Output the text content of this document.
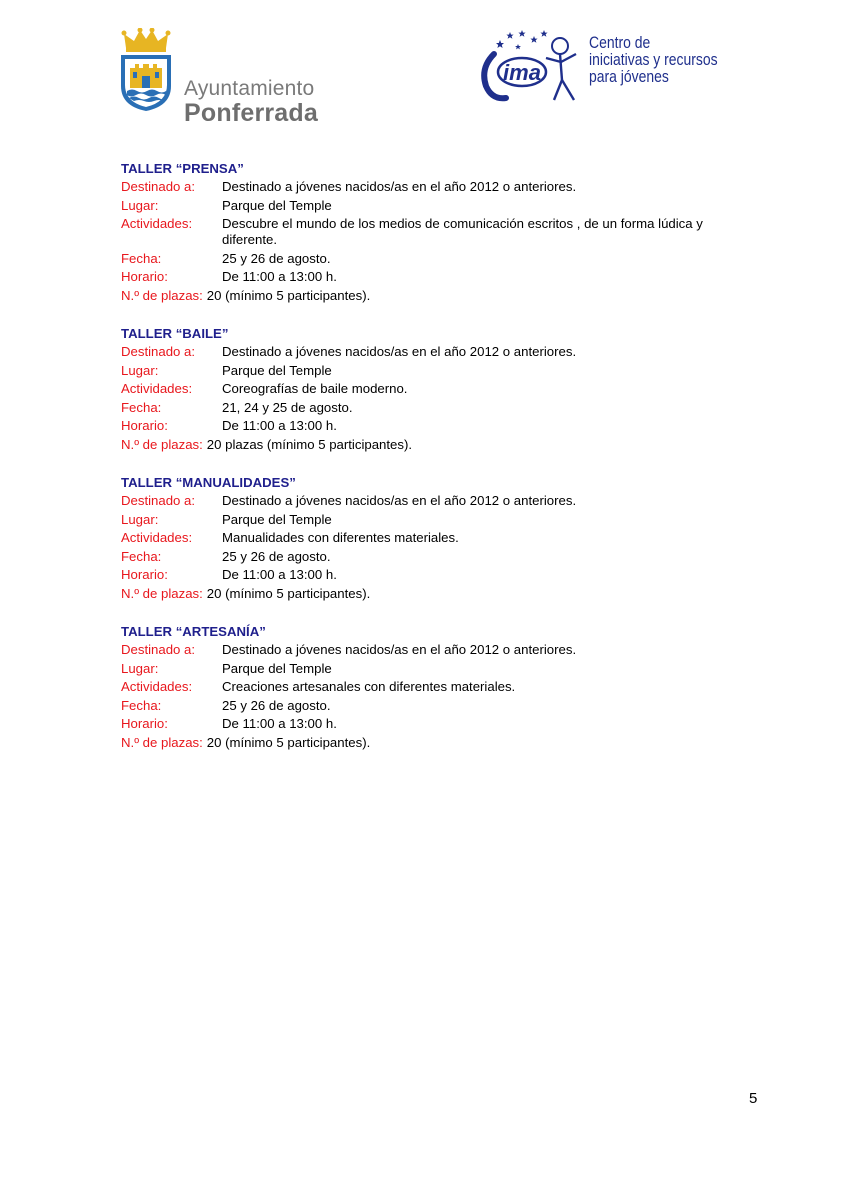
Ayuntamiento
Ponferrada
ima
Centro de
iniciativas y recursos
para jóvenes
TALLER “PRENSA”
Destinado a:	Destinado a jóvenes nacidos/as en el año 2012 o anteriores.
Lugar:	Parque del Temple
Actividades:	Descubre el mundo de los medios de comunicación escritos , de un forma lúdica y diferente.
Fecha:	25 y 26 de agosto.
Horario:	De 11:00 a 13:00 h.
N.º de plazas: 20 (mínimo 5 participantes).
TALLER “BAILE”
Destinado a:	Destinado a jóvenes nacidos/as en el año 2012 o anteriores.
Lugar:	Parque del Temple
Actividades:	Coreografías de baile moderno.
Fecha:	21, 24 y 25 de agosto.
Horario:	De 11:00 a 13:00 h.
N.º de plazas: 20 plazas (mínimo 5 participantes).
TALLER “MANUALIDADES”
Destinado a:	Destinado a jóvenes nacidos/as en el año 2012 o anteriores.
Lugar:	Parque del Temple
Actividades:	Manualidades con diferentes materiales.
Fecha:	25 y 26 de agosto.
Horario:	De 11:00 a 13:00 h.
N.º de plazas: 20 (mínimo 5 participantes).
TALLER “ARTESANÍA”
Destinado a:	Destinado a jóvenes nacidos/as en el año 2012 o anteriores.
Lugar:	Parque del Temple
Actividades:	Creaciones artesanales con diferentes materiales.
Fecha:	25 y 26 de agosto.
Horario:	De 11:00 a 13:00 h.
N.º de plazas: 20 (mínimo 5 participantes).
5
